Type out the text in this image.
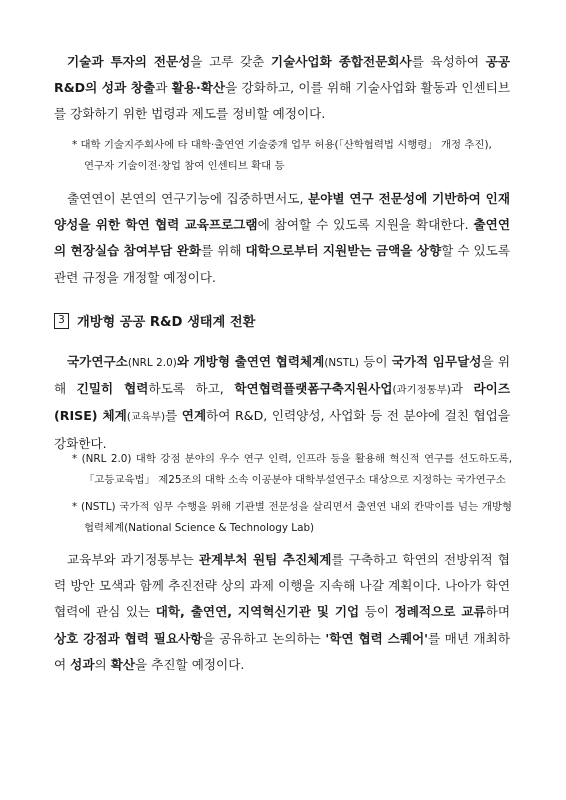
기술과 투자의 전문성을 고루 갖춘 기술사업화 종합전문회사를 육성하여 공공 R&D의 성과 창출과 활용·확산을 강화하고, 이를 위해 기술사업화 활동과 인센티브를 강화하기 위한 법령과 제도를 정비할 예정이다.
* 대학 기술지주회사에 타 대학·출연연 기술중개 업무 허용(「산학협력법 시행령」 개정 추진),
연구자 기술이전·창업 참여 인센티브 확대 등
출연연이 본연의 연구기능에 집중하면서도, 분야별 연구 전문성에 기반하여 인재양성을 위한 학연 협력 교육프로그램에 참여할 수 있도록 지원을 확대한다. 출연연의 현장실습 참여부담 완화를 위해 대학으로부터 지원받는 금액을 상향할 수 있도록 관련 규정을 개정할 예정이다.
3 개방형 공공 R&D 생태계 전환
국가연구소(NRL 2.0)와 개방형 출연연 협력체계(NSTL) 등이 국가적 임무달성을 위해 긴밀히 협력하도록 하고, 학연협력플랫폼구축지원사업(과기정통부)과 라이즈(RISE) 체계(교육부)를 연계하여 R&D, 인력양성, 사업화 등 전 분야에 걸친 협업을 강화한다.
* (NRL 2.0) 대학 강점 분야의 우수 연구 인력, 인프라 등을 활용해 혁신적 연구를 선도하도록, 「고등교육법」 제25조의 대학 소속 이공분야 대학부설연구소 대상으로 지정하는 국가연구소
* (NSTL) 국가적 임무 수행을 위해 기관별 전문성을 살리면서 출연연 내외 칸막이를 넘는 개방형 협력체계(National Science & Technology Lab)
교육부와 과기정통부는 관계부처 원팀 추진체계를 구축하고 학연의 전방위적 협력 방안 모색과 함께 추진전략 상의 과제 이행을 지속해 나갈 계획이다. 나아가 학연 협력에 관심 있는 대학, 출연연, 지역혁신기관 및 기업 등이 정례적으로 교류하며 상호 강점과 협력 필요사항을 공유하고 논의하는 '학연 협력 스퀘어'를 매년 개최하여 성과의 확산을 추진할 예정이다.
